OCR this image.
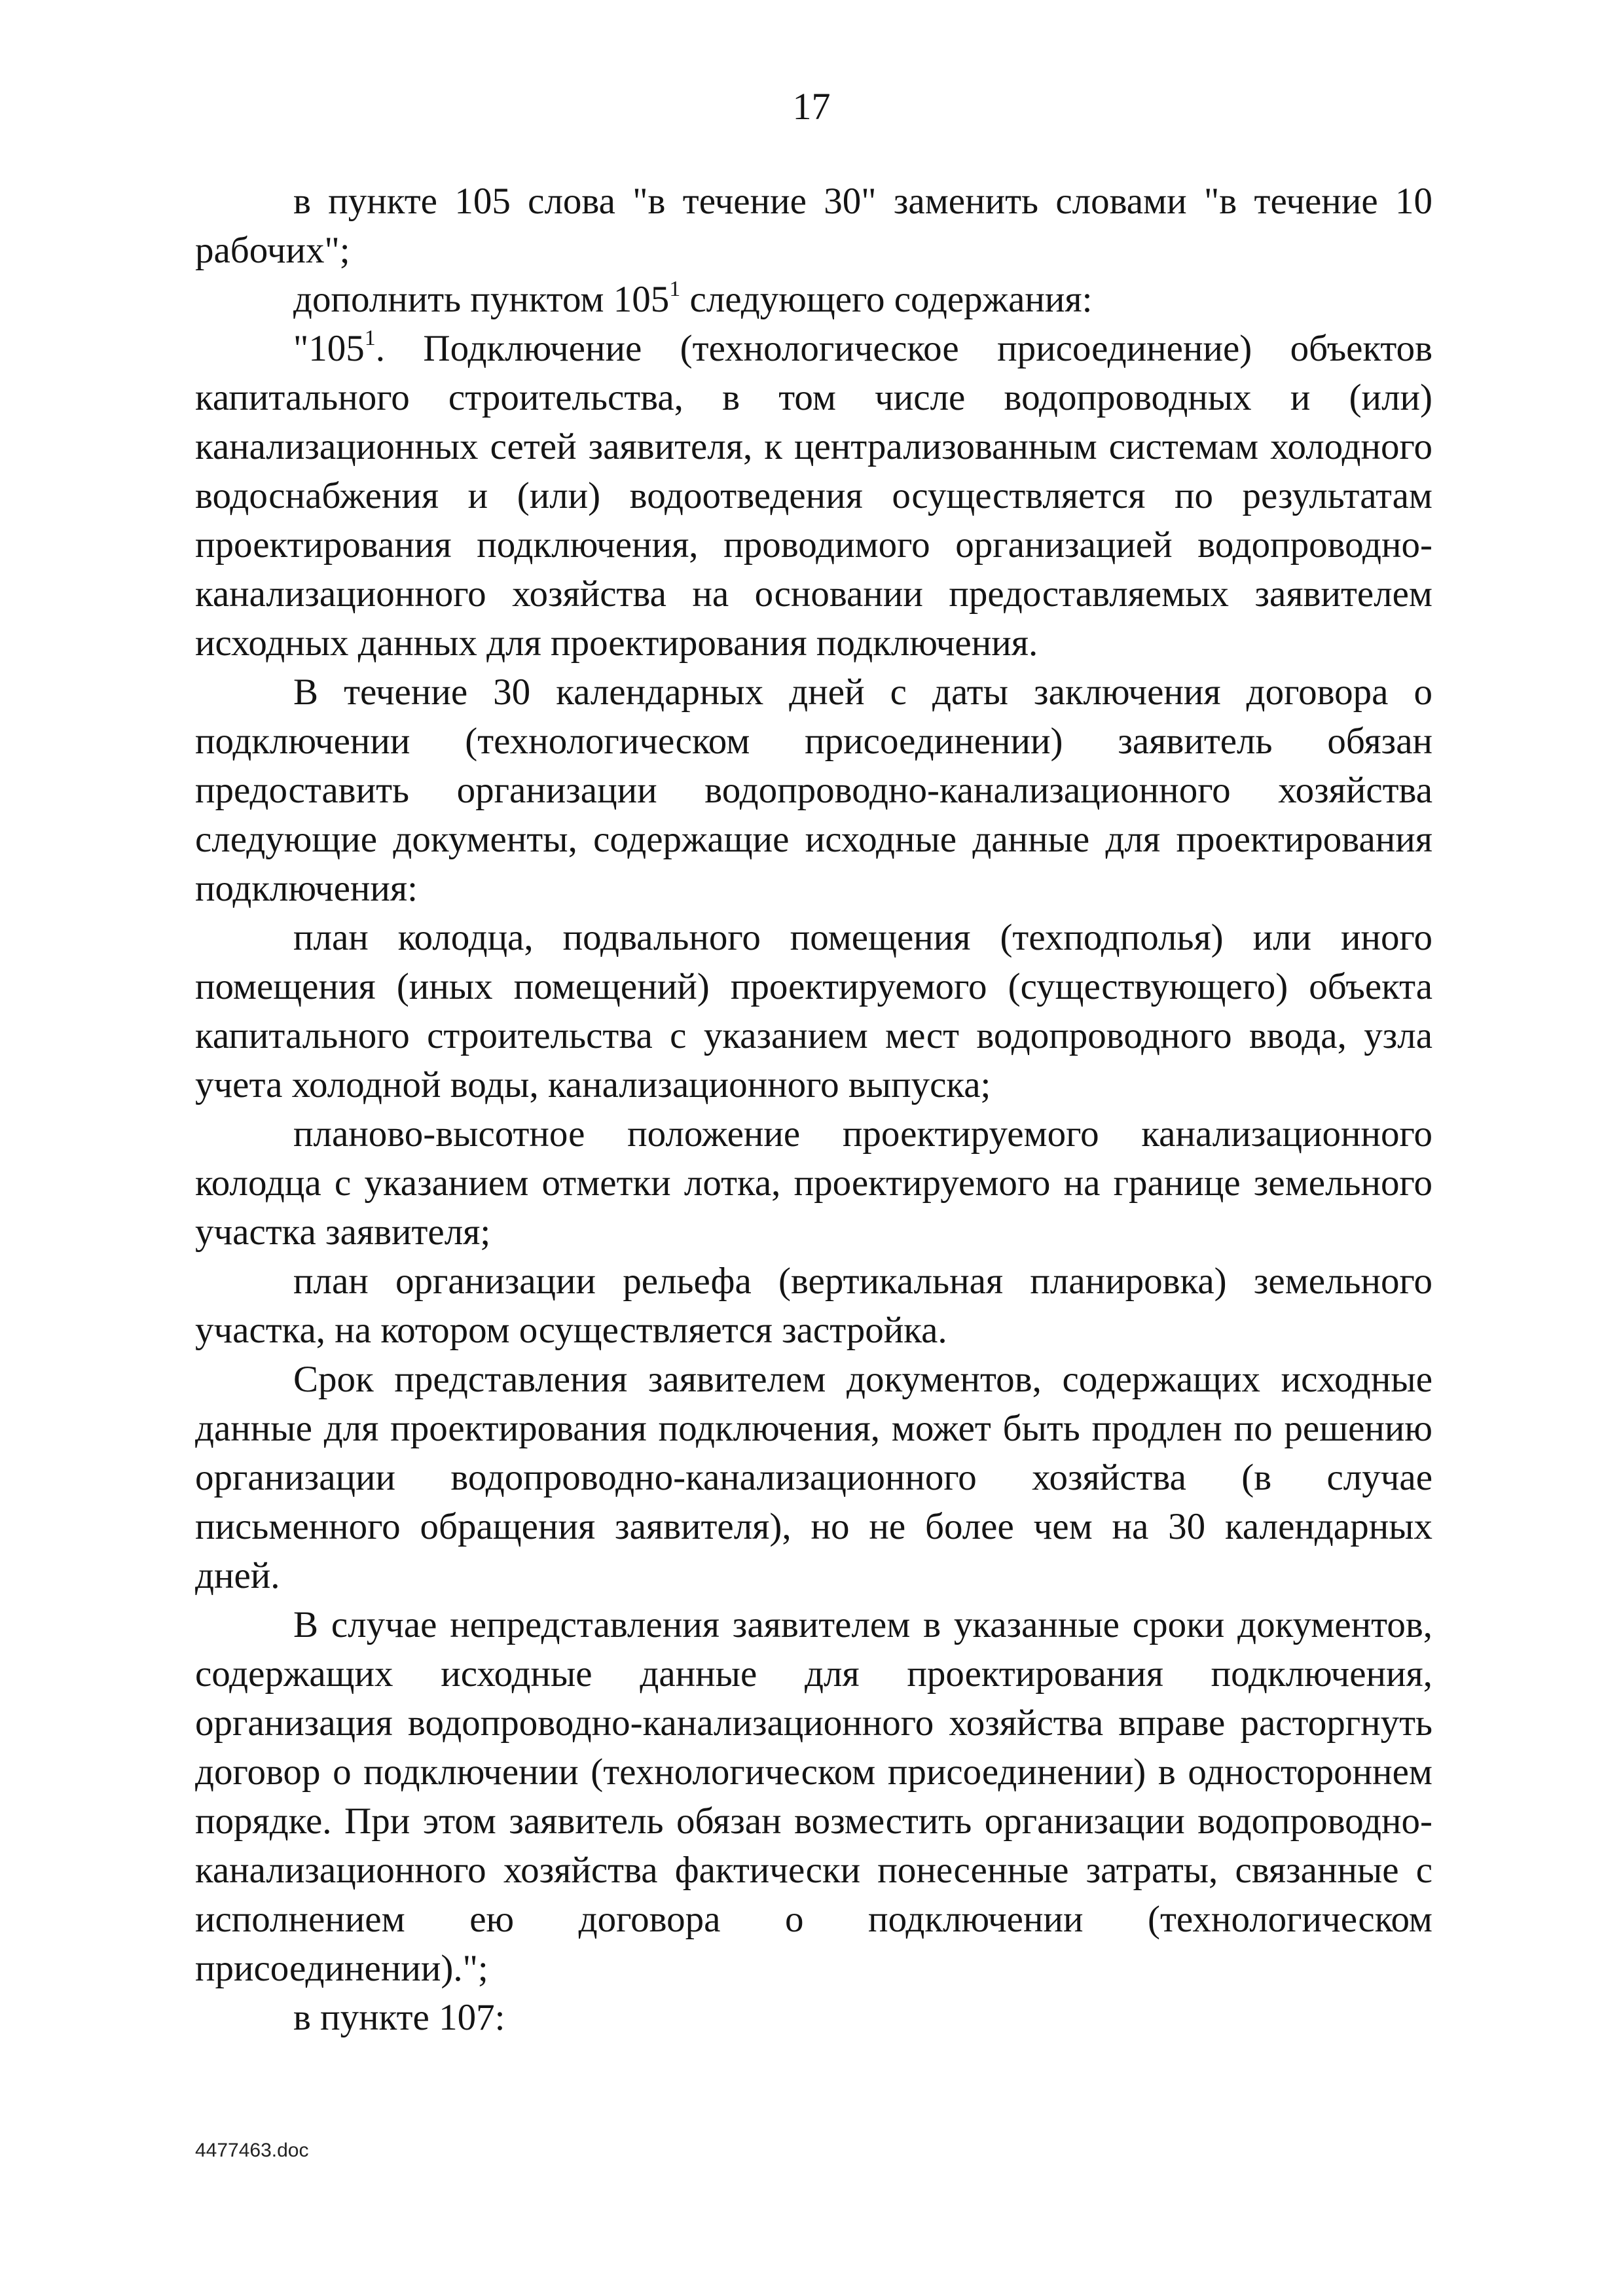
17

в пункте 105 слова "в течение 30" заменить словами "в течение 10 рабочих";

дополнить пунктом $105^1$ следующего содержания:

"$105^1$. Подключение (технологическое присоединение) объектов капитального строительства, в том числе водопроводных и (или) канализационных сетей заявителя, к централизованным системам холодного водоснабжения и (или) водоотведения осуществляется по результатам проектирования подключения, проводимого организацией водопроводно-канализационного хозяйства на основании предоставляемых заявителем исходных данных для проектирования подключения.

В течение 30 календарных дней с даты заключения договора о подключении (технологическом присоединении) заявитель обязан предоставить организации водопроводно-канализационного хозяйства следующие документы, содержащие исходные данные для проектирования подключения:

план колодца, подвального помещения (техподполья) или иного помещения (иных помещений) проектируемого (существующего) объекта капитального строительства с указанием мест водопроводного ввода, узла учета холодной воды, канализационного выпуска;

планово-высотное положение проектируемого канализационного колодца с указанием отметки лотка, проектируемого на границе земельного участка заявителя;

план организации рельефа (вертикальная планировка) земельного участка, на котором осуществляется застройка.

Срок представления заявителем документов, содержащих исходные данные для проектирования подключения, может быть продлен по решению организации водопроводно-канализационного хозяйства (в случае письменного обращения заявителя), но не более чем на 30 календарных дней.

В случае непредставления заявителем в указанные сроки документов, содержащих исходные данные для проектирования подключения, организация водопроводно-канализационного хозяйства вправе расторгнуть договор о подключении (технологическом присоединении) в одностороннем порядке. При этом заявитель обязан возместить организации водопроводно-канализационного хозяйства фактически понесенные затраты, связанные с исполнением ею договора о подключении (технологическом присоединении).";

в пункте 107:

4477463.doc
